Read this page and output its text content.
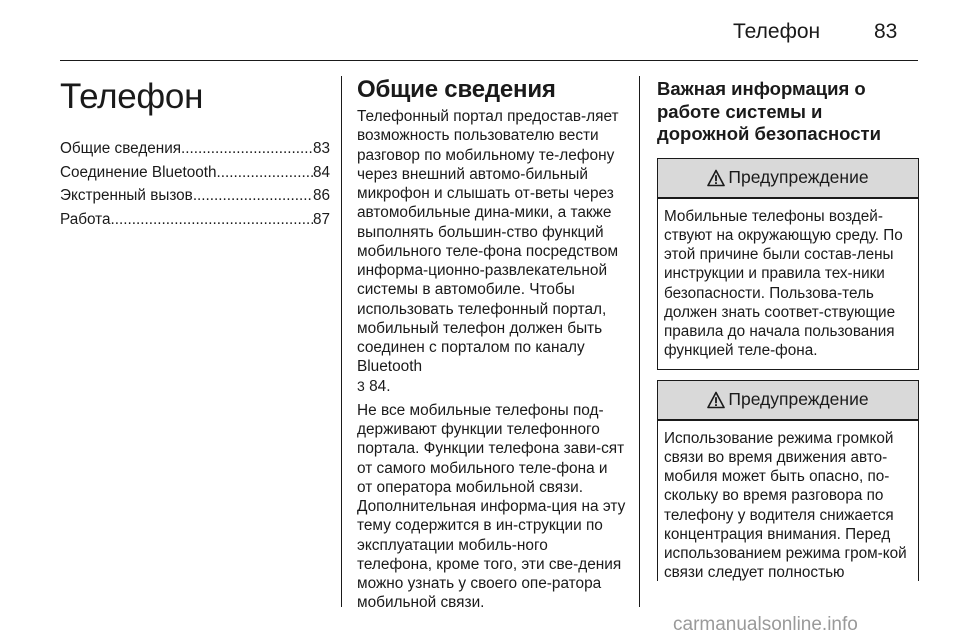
Телефон	83
Телефон
Общие сведения .....	83
Соединение Bluetooth .....	84
Экстренный вызов .....	86
Работа .....	87
Общие сведения

Телефонный портал предостав-ляет возможность пользователю вести разговор по мобильному те-лефону через внешний автомо-бильный микрофон и слышать от-веты через автомобильные дина-мики, а также выполнять большин-ство функций мобильного теле-фона посредством информа-ционно-развлекательной системы в автомобиле. Чтобы использовать телефонный портал, мобильный телефон должен быть соединен с порталом по каналу Bluetooth
3 84.

Не все мобильные телефоны под-держивают функции телефонного портала. Функции телефона зави-сят от самого мобильного теле-фона и от оператора мобильной связи. Дополнительная информа-ция на эту тему содержится в ин-струкции по эксплуатации мобиль-ного телефона, кроме того, эти све-дения можно узнать у своего опе-ратора мобильной связи.

Важная информация о работе системы и дорожной безопасности
Предупреждение
Мобильные телефоны воздей-ствуют на окружающую среду. По этой причине были состав-лены инструкции и правила тех-ники безопасности. Пользова-тель должен знать соответ-ствующие правила до начала пользования функцией теле-фона.
Предупреждение
Использование режима громкой связи во время движения авто-мобиля может быть опасно, по-скольку во время разговора по телефону у водителя снижается концентрация внимания. Перед использованием режима гром-кой связи следует полностью
carmanualsonline.info
